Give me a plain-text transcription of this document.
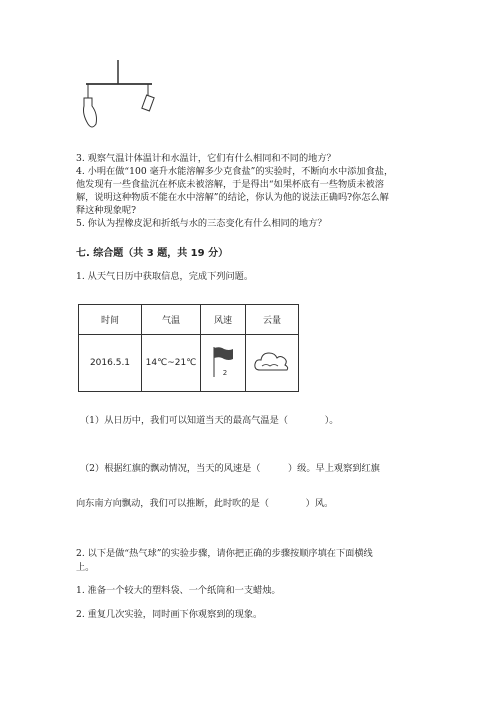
3. 观察气温计体温计和水温计，它们有什么相同和不同的地方？
4. 小明在做“100 毫升水能溶解多少克食盐”的实验时，不断向水中添加食盐，
他发现有一些食盐沉在杯底未被溶解，于是得出“如果杯底有一些物质未被溶
解，说明这种物质不能在水中溶解”的结论，你认为他的说法正确吗?你怎么解
释这种现象呢?
5. 你认为捏橡皮泥和折纸与水的三态变化有什么相同的地方？
七. 综合题（共 3 题，共 19 分）
1. 从天气日历中获取信息，完成下列问题。
时间	气温	风速	云量
2016.5.1	14℃~21℃	2

（1）从日历中，我们可以知道当天的最高气温是（　　　　）。
（2）根据红旗的飘动情况，当天的风速是（　　　）级。早上观察到红旗
向东南方向飘动，我们可以推断，此时吹的是（　　　　）风。
2. 以下是做“热气球”的实验步骤，请你把正确的步骤按顺序填在下面横线
上。
1. 准备一个较大的塑料袋、一个纸筒和一支蜡烛。
2. 重复几次实验，同时画下你观察到的现象。
